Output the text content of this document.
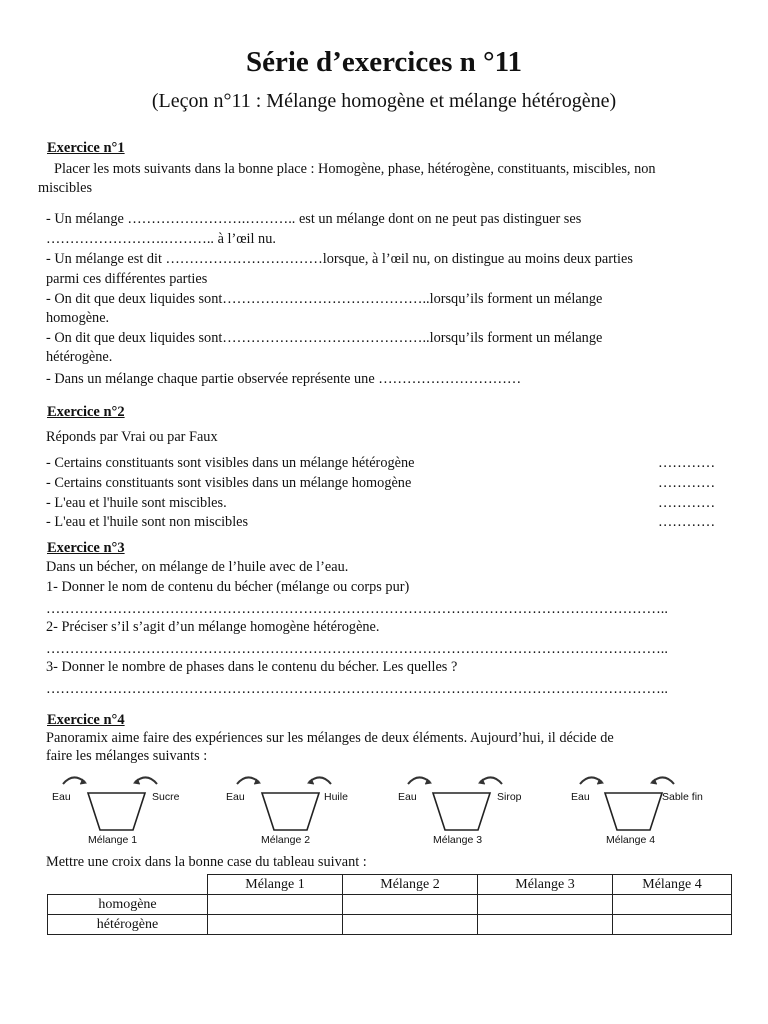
Série d’exercices n °11
(Leçon n°11 : Mélange homogène et mélange hétérogène)
Exercice n°1
Placer les mots suivants dans la bonne place : Homogène, phase, hétérogène, constituants, miscibles, non
miscibles
- Un mélange …………………….……….. est un mélange dont on ne peut pas distinguer ses
…………………….……….. à l’œil nu.
- Un mélange est dit ……………………………lorsque, à l’œil nu, on distingue au moins deux parties
parmi ces différentes parties
- On dit que deux liquides sont……………………………………..lorsqu’ils forment un mélange
homogène.
- On dit que deux liquides sont……………………………………..lorsqu’ils forment un mélange
hétérogène.
- Dans un mélange chaque partie observée représente une …………………………
Exercice n°2
Réponds par Vrai ou par Faux
- Certains constituants sont visibles dans un mélange hétérogène	…………
- Certains constituants sont visibles dans un mélange homogène	…………
- L'eau et l'huile sont miscibles.	…………
- L'eau et l'huile sont non miscibles	…………
Exercice n°3
Dans un bécher, on mélange de l’huile avec de l’eau.
1- Donner le nom de contenu du bécher (mélange ou corps pur)
…………………………………………………………………………………………………………………..
2- Préciser s’il s’agit d’un mélange homogène hétérogène.
…………………………………………………………………………………………………………………..
3- Donner le nombre de phases dans le contenu du bécher. Les quelles ?
…………………………………………………………………………………………………………………..
Exercice n°4
Panoramix aime faire des expériences sur les mélanges de deux éléments. Aujourd’hui, il décide de
faire les mélanges suivants :
Eau	Sucre
Mélange 1
Eau	Huile
Mélange 2
Eau	Sirop
Mélange 3
Eau	Sable fin
Mélange 4
Mettre une croix dans la bonne case du tableau suivant :
	Mélange 1	Mélange 2	Mélange 3	Mélange 4
homogène				
hétérogène				
